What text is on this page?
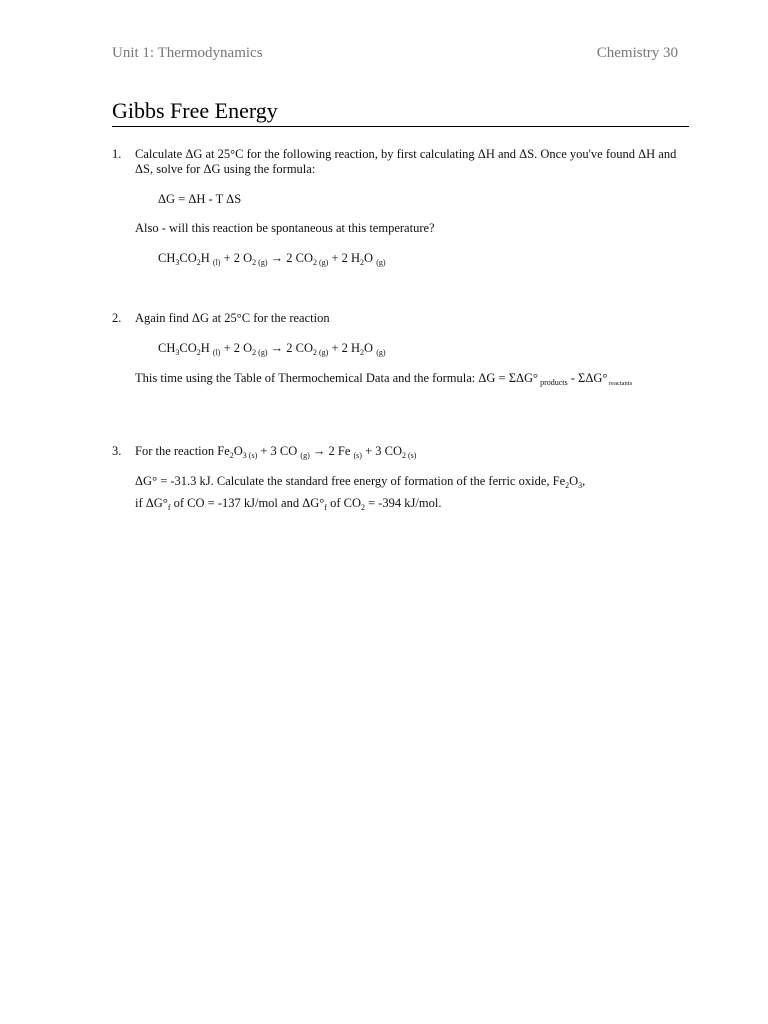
Unit 1: Thermodynamics	Chemistry 30
Gibbs Free Energy
1. Calculate ΔG at 25°C for the following reaction, by first calculating ΔH and ΔS. Once you've found ΔH and
ΔS, solve for ΔG using the formula:
ΔG = ΔH - T ΔS
Also - will this reaction be spontaneous at this temperature?
$CH_3CO_2H$ $_{(l)}$ + 2 $O_2$ $_{(g)}$ → 2 $CO_2$ $_{(g)}$ + 2 $H_2O$ $_{(g)}$
2. Again find ΔG at 25°C for the reaction
$CH_3CO_2H$ $_{(l)}$ + 2 $O_2$ $_{(g)}$ → 2 $CO_2$ $_{(g)}$ + 2 $H_2O$ $_{(g)}$
This time using the Table of Thermochemical Data and the formula: ΔG = ΣΔG° $_{products}$ - ΣΔG° $_{reactants}$
3. For the reaction $Fe_2O_3$ $_{(s)}$ + 3 CO $_{(g)}$ → 2 Fe $_{(s)}$ + 3 $CO_2$ $_{(s)}$
ΔG° = -31.3 kJ. Calculate the standard free energy of formation of the ferric oxide, $Fe_2O_3$,
if $\Delta G^\circ_f$ of CO = -137 kJ/mol and $\Delta G^\circ_f$ of $CO_2 = -394$ kJ/mol.
